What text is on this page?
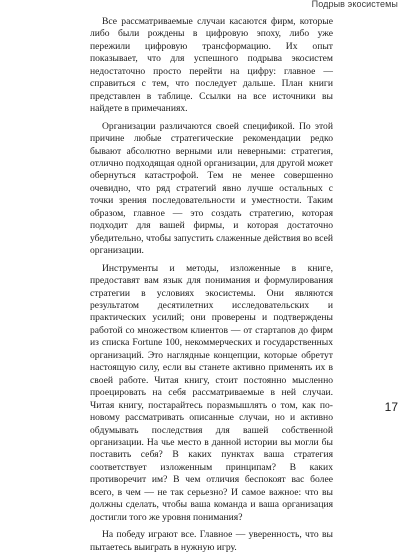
Подрыв экосистемы

Все рассматриваемые случаи касаются фирм, которые либо были рождены в цифровую эпоху, либо уже пережили цифровую трансформацию. Их опыт показывает, что для успешного подрыва экосистем недостаточно просто перейти на цифру: главное — справиться с тем, что последует дальше. План книги представлен в таблице. Ссылки на все источники вы найдете в примечаниях.

Организации различаются своей спецификой. По этой причине любые стратегические рекомендации редко бывают абсолютно верными или неверными: стратегия, отлично подходящая одной организации, для другой может обернуться катастрофой. Тем не менее совершенно очевидно, что ряд стратегий явно лучше остальных с точки зрения последовательности и уместности. Таким образом, главное — это создать стратегию, которая подходит для вашей фирмы, и которая достаточно убедительно, чтобы запустить слаженные действия во всей организации.

Инструменты и методы, изложенные в книге, предоставят вам язык для понимания и формулирования стратегии в условиях экосистемы. Они являются результатом десятилетних исследовательских и практических усилий; они проверены и подтверждены работой со множеством клиентов — от стартапов до фирм из списка Fortune 100, некоммерческих и государственных организаций. Это наглядные концепции, которые обретут настоящую силу, если вы станете активно применять их в своей работе. Читая книгу, стоит постоянно мысленно проецировать на себя рассматриваемые в ней случаи. Читая книгу, постарайтесь поразмышлять о том, как по-новому рассматривать описанные случаи, но и активно обдумывать последствия для вашей собственной организации. На чье место в данной истории вы могли бы поставить себя? В каких пунктах ваша стратегия соответствует изложенным принципам? В каких противоречит им? В чем отличия беспокоят вас более всего, в чем — не так серьезно? И самое важное: что вы должны сделать, чтобы ваша команда и ваша организация достигли того же уровня понимания?

На победу играют все. Главное — уверенность, что вы пытаетесь выиграть в нужную игру.

17
